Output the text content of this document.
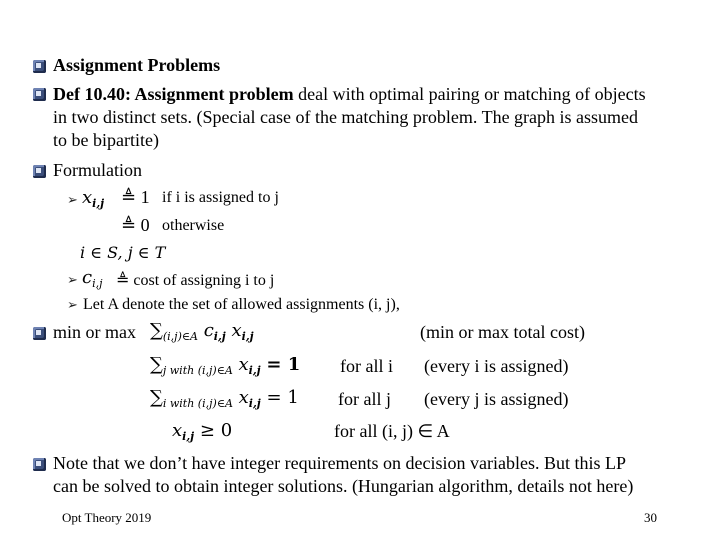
Assignment Problems
Def 10.40: Assignment problem deal with optimal pairing or matching of objects
in two distinct sets. (Special case of the matching problem. The graph is assumed
to be bipartite)
Formulation
➢ $x_{i,j}$ ≜ 1 if i is assigned to j
≜ 0 otherwise
i ∈ S, j ∈ T
➢ $c_{i,j}$ ≜ cost of assigning i to j
➢ Let A denote the set of allowed assignments (i, j),
min or $\max \sum_{(i,j)\in A}$ $c_{i,j}$ $x_{i,j}$	(min or max total cost)
$\sum_{j with (i,j)\in A}$ $x_{i,j} = 1$ for all i (every i is assigned)
$\sum_{i with (i,j)\in A}$ $x_{i,j} = 1$ for all j (every j is assigned)
$x_{i,j} \ge 0$	for all (i, j) ∈ A
Note that we don’t have integer requirements on decision variables. But this LP
can be solved to obtain integer solutions. (Hungarian algorithm, details not here)
Opt Theory 2019	30
